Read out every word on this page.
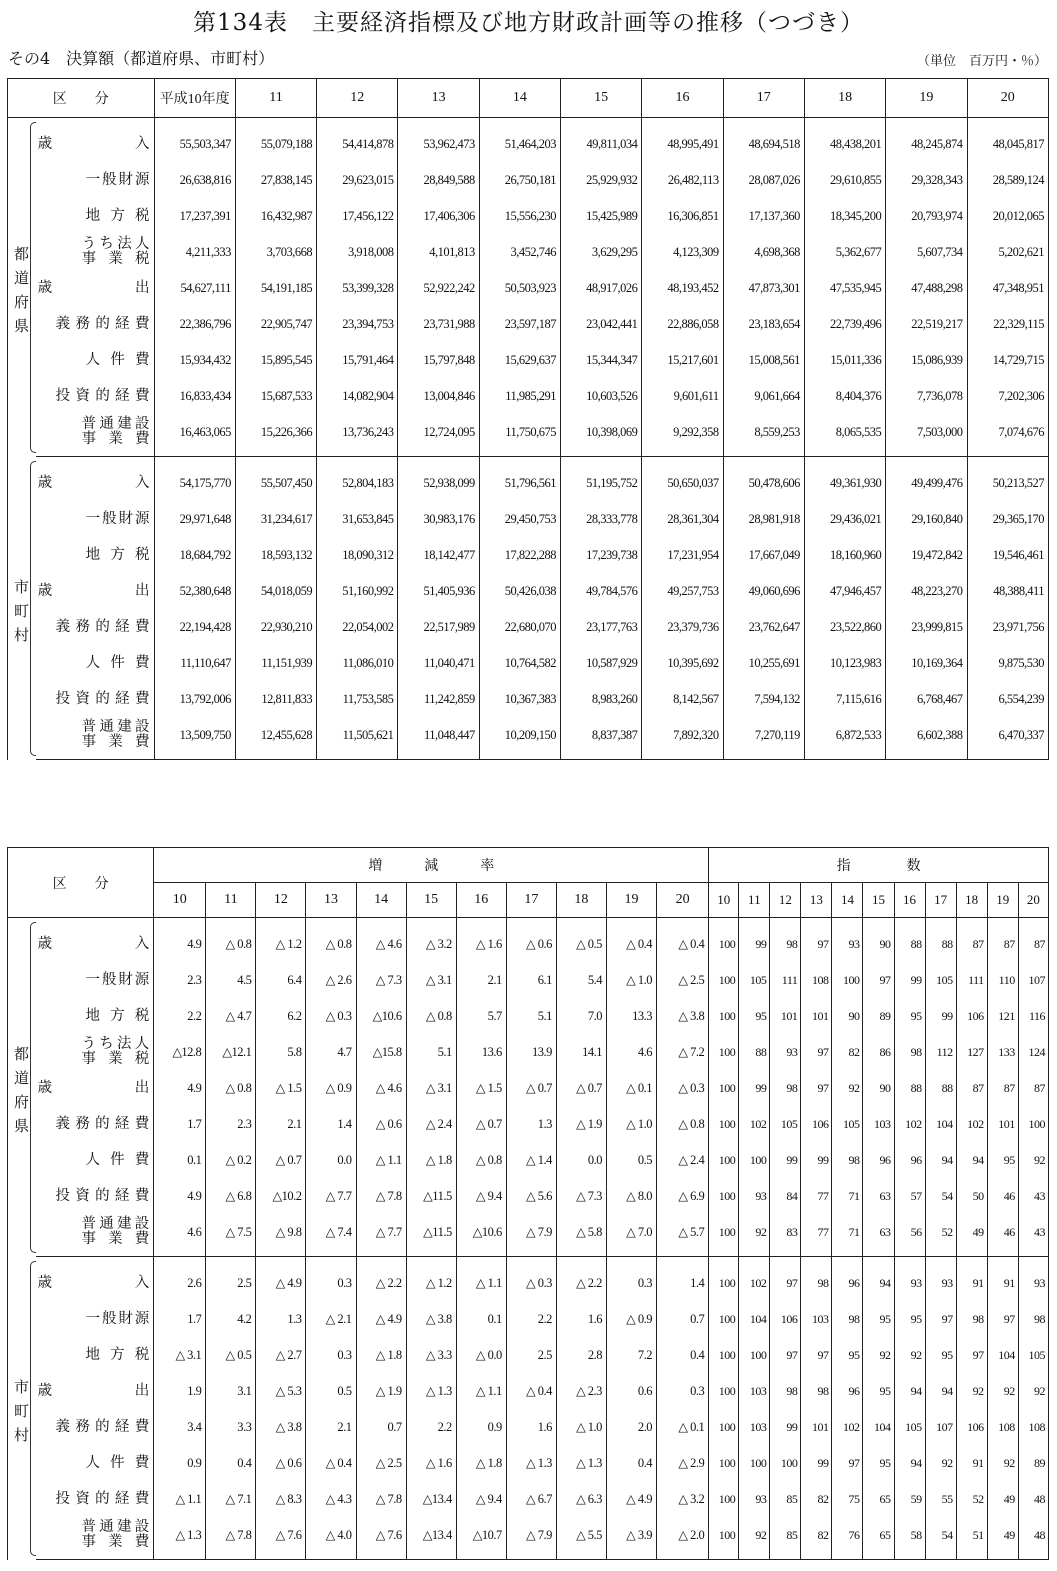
第134表　主要経済指標及び地方財政計画等の推移（つづき）
その4　決算額（都道府県、市町村）	（単位　百万円・％）
区　　分		平成10年度	11	12	13	14	15	16	17	18	19	20

都道府県	歳 入	55,503,347	55,079,188	54,414,878	53,962,473	51,464,203	49,811,034	48,995,491	48,694,518	48,438,201	48,245,874	48,045,817

	一般財源	26,638,816	27,838,145	29,623,015	28,849,588	26,750,181	25,929,932	26,482,113	28,087,026	29,610,855	29,328,343	28,589,124

	地方税	17,237,391	16,432,987	17,456,122	17,406,306	15,556,230	15,425,989	16,306,851	17,137,360	18,345,200	20,793,974	20,012,065

	うち法人
事業税	4,211,333	3,703,668	3,918,008	4,101,813	3,452,746	3,629,295	4,123,309	4,698,368	5,362,677	5,607,734	5,202,621

	歳 出	54,627,111	54,191,185	53,399,328	52,922,242	50,503,923	48,917,026	48,193,452	47,873,301	47,535,945	47,488,298	47,348,951

	義務的経費	22,386,796	22,905,747	23,394,753	23,731,988	23,597,187	23,042,441	22,886,058	23,183,654	22,739,496	22,519,217	22,329,115

	人件費	15,934,432	15,895,545	15,791,464	15,797,848	15,629,637	15,344,347	15,217,601	15,008,561	15,011,336	15,086,939	14,729,715

	投資的経費	16,833,434	15,687,533	14,082,904	13,004,846	11,985,291	10,603,526	9,601,611	9,061,664	8,404,376	7,736,078	7,202,306

	普通建設
事業費	16,463,065	15,226,366	13,736,243	12,724,095	11,750,675	10,398,069	9,292,358	8,559,253	8,065,535	7,503,000	7,074,676

市町村	歳 入	54,175,770	55,507,450	52,804,183	52,938,099	51,796,561	51,195,752	50,650,037	50,478,606	49,361,930	49,499,476	50,213,527

	一般財源	29,971,648	31,234,617	31,653,845	30,983,176	29,450,753	28,333,778	28,361,304	28,981,918	29,436,021	29,160,840	29,365,170

	地方税	18,684,792	18,593,132	18,090,312	18,142,477	17,822,288	17,239,738	17,231,954	17,667,049	18,160,960	19,472,842	19,546,461

	歳 出	52,380,648	54,018,059	51,160,992	51,405,936	50,426,038	49,784,576	49,257,753	49,060,696	47,946,457	48,223,270	48,388,411

	義務的経費	22,194,428	22,930,210	22,054,002	22,517,989	22,680,070	23,177,763	23,379,736	23,762,647	23,522,860	23,999,815	23,971,756

	人件費	11,110,647	11,151,939	11,086,010	11,040,471	10,764,582	10,587,929	10,395,692	10,255,691	10,123,983	10,169,364	9,875,530

	投資的経費	13,792,006	12,811,833	11,753,585	11,242,859	10,367,383	8,983,260	8,142,567	7,594,132	7,115,616	6,768,467	6,554,239

	普通建設
事業費	13,509,750	12,455,628	11,505,621	11,048,447	10,209,150	8,837,387	7,892,320	7,270,119	6,872,533	6,602,388	6,470,337
区　　分		増　　　減　　　率											指　　　　数										
		10	11	12	13	14	15	16	17	18	19	20	10	11	12	13	14	15	16	17	18	19	20

都道府県	歳 入	4.9	△ 0.8	△ 1.2	△ 0.8	△ 4.6	△ 3.2	△ 1.6	△ 0.6	△ 0.5	△ 0.4	△ 0.4	100	99	98	97	93	90	88	88	87	87	87

	一般財源	2.3	4.5	6.4	△ 2.6	△ 7.3	△ 3.1	2.1	6.1	5.4	△ 1.0	△ 2.5	100	105	111	108	100	97	99	105	111	110	107

	地方税	2.2	△ 4.7	6.2	△ 0.3	△10.6	△ 0.8	5.7	5.1	7.0	13.3	△ 3.8	100	95	101	101	90	89	95	99	106	121	116

	うち法人
事業税	△12.8	△12.1	5.8	4.7	△15.8	5.1	13.6	13.9	14.1	4.6	△ 7.2	100	88	93	97	82	86	98	112	127	133	124

	歳 出	4.9	△ 0.8	△ 1.5	△ 0.9	△ 4.6	△ 3.1	△ 1.5	△ 0.7	△ 0.7	△ 0.1	△ 0.3	100	99	98	97	92	90	88	88	87	87	87

	義務的経費	1.7	2.3	2.1	1.4	△ 0.6	△ 2.4	△ 0.7	1.3	△ 1.9	△ 1.0	△ 0.8	100	102	105	106	105	103	102	104	102	101	100

	人件費	0.1	△ 0.2	△ 0.7	0.0	△ 1.1	△ 1.8	△ 0.8	△ 1.4	0.0	0.5	△ 2.4	100	100	99	99	98	96	96	94	94	95	92

	投資的経費	4.9	△ 6.8	△10.2	△ 7.7	△ 7.8	△11.5	△ 9.4	△ 5.6	△ 7.3	△ 8.0	△ 6.9	100	93	84	77	71	63	57	54	50	46	43

	普通建設
事業費	4.6	△ 7.5	△ 9.8	△ 7.4	△ 7.7	△11.5	△10.6	△ 7.9	△ 5.8	△ 7.0	△ 5.7	100	92	83	77	71	63	56	52	49	46	43

市町村	歳 入	2.6	2.5	△ 4.9	0.3	△ 2.2	△ 1.2	△ 1.1	△ 0.3	△ 2.2	0.3	1.4	100	102	97	98	96	94	93	93	91	91	93

	一般財源	1.7	4.2	1.3	△ 2.1	△ 4.9	△ 3.8	0.1	2.2	1.6	△ 0.9	0.7	100	104	106	103	98	95	95	97	98	97	98

	地方税	△ 3.1	△ 0.5	△ 2.7	0.3	△ 1.8	△ 3.3	△ 0.0	2.5	2.8	7.2	0.4	100	100	97	97	95	92	92	95	97	104	105

	歳 出	1.9	3.1	△ 5.3	0.5	△ 1.9	△ 1.3	△ 1.1	△ 0.4	△ 2.3	0.6	0.3	100	103	98	98	96	95	94	94	92	92	92

	義務的経費	3.4	3.3	△ 3.8	2.1	0.7	2.2	0.9	1.6	△ 1.0	2.0	△ 0.1	100	103	99	101	102	104	105	107	106	108	108

	人件費	0.9	0.4	△ 0.6	△ 0.4	△ 2.5	△ 1.6	△ 1.8	△ 1.3	△ 1.3	0.4	△ 2.9	100	100	100	99	97	95	94	92	91	92	89

	投資的経費	△ 1.1	△ 7.1	△ 8.3	△ 4.3	△ 7.8	△13.4	△ 9.4	△ 6.7	△ 6.3	△ 4.9	△ 3.2	100	93	85	82	75	65	59	55	52	49	48

	普通建設
事業費	△ 1.3	△ 7.8	△ 7.6	△ 4.0	△ 7.6	△13.4	△10.7	△ 7.9	△ 5.5	△ 3.9	△ 2.0	100	92	85	82	76	65	58	54	51	49	48
